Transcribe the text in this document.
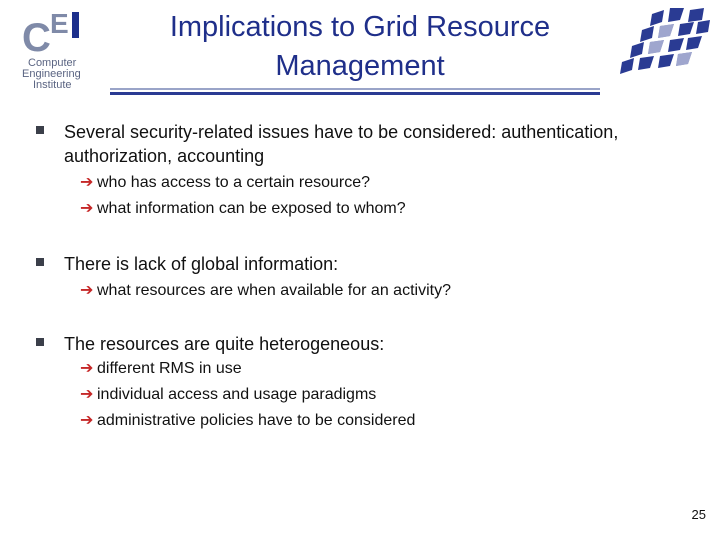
C E
Computer
Engineering
Institute
Implications to Grid Resource
Management
Several security-related issues have to be considered: authentication,
authorization, accounting
➔ who has access to a certain resource?
➔ what information can be exposed to whom?
There is lack of global information:
➔ what resources are when available for an activity?
The resources are quite heterogeneous:
➔ different RMS in use
➔ individual access and usage paradigms
➔ administrative policies have to be considered
25
